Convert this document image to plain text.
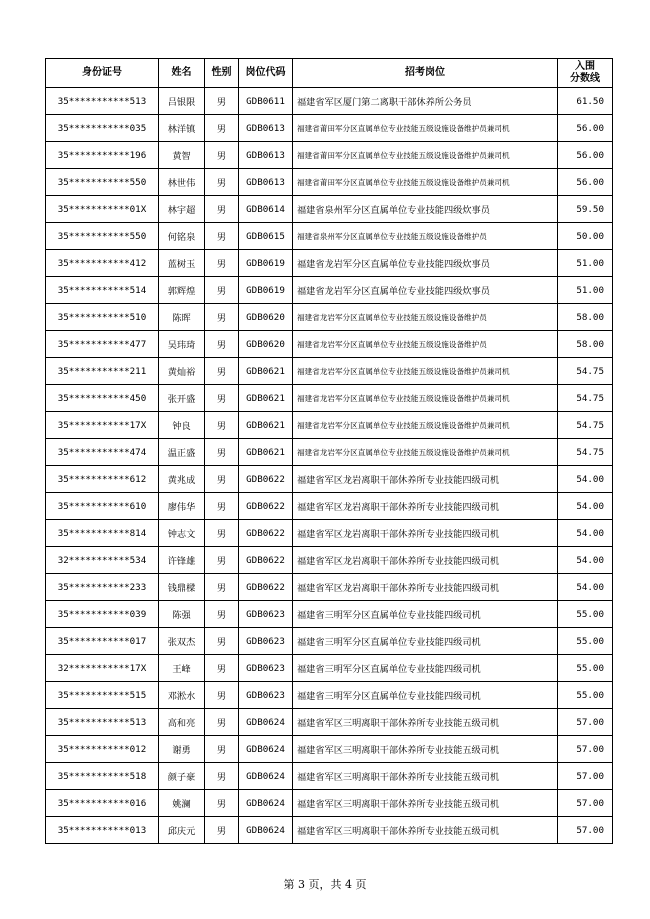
身份证号	姓名	性别	岗位代码	招考岗位	入围
分数线
35***********513	吕银限	男	GDB0611	福建省军区厦门第二离职干部休养所公务员	61.50
35***********035	林洋镇	男	GDB0613	福建省莆田军分区直属单位专业技能五级设施设备维护员兼司机	56.00
35***********196	黄智	男	GDB0613	福建省莆田军分区直属单位专业技能五级设施设备维护员兼司机	56.00
35***********550	林世伟	男	GDB0613	福建省莆田军分区直属单位专业技能五级设施设备维护员兼司机	56.00
35***********01X	林宇超	男	GDB0614	福建省泉州军分区直属单位专业技能四级炊事员	59.50
35***********550	何铭泉	男	GDB0615	福建省泉州军分区直属单位专业技能五级设施设备维护员	50.00
35***********412	蓝树玉	男	GDB0619	福建省龙岩军分区直属单位专业技能四级炊事员	51.00
35***********514	郭辉煌	男	GDB0619	福建省龙岩军分区直属单位专业技能四级炊事员	51.00
35***********510	陈晖	男	GDB0620	福建省龙岩军分区直属单位专业技能五级设施设备维护员	58.00
35***********477	吴玮琦	男	GDB0620	福建省龙岩军分区直属单位专业技能五级设施设备维护员	58.00
35***********211	黄灿裕	男	GDB0621	福建省龙岩军分区直属单位专业技能五级设施设备维护员兼司机	54.75
35***********450	张开盛	男	GDB0621	福建省龙岩军分区直属单位专业技能五级设施设备维护员兼司机	54.75
35***********17X	钟良	男	GDB0621	福建省龙岩军分区直属单位专业技能五级设施设备维护员兼司机	54.75
35***********474	温正盛	男	GDB0621	福建省龙岩军分区直属单位专业技能五级设施设备维护员兼司机	54.75
35***********612	黄兆成	男	GDB0622	福建省军区龙岩离职干部休养所专业技能四级司机	54.00
35***********610	廖伟华	男	GDB0622	福建省军区龙岩离职干部休养所专业技能四级司机	54.00
35***********814	钟志文	男	GDB0622	福建省军区龙岩离职干部休养所专业技能四级司机	54.00
32***********534	许锋雄	男	GDB0622	福建省军区龙岩离职干部休养所专业技能四级司机	54.00
35***********233	钱鼎樑	男	GDB0622	福建省军区龙岩离职干部休养所专业技能四级司机	54.00
35***********039	陈强	男	GDB0623	福建省三明军分区直属单位专业技能四级司机	55.00
35***********017	张双杰	男	GDB0623	福建省三明军分区直属单位专业技能四级司机	55.00
32***********17X	王峰	男	GDB0623	福建省三明军分区直属单位专业技能四级司机	55.00
35***********515	邓淞水	男	GDB0623	福建省三明军分区直属单位专业技能四级司机	55.00
35***********513	高和亮	男	GDB0624	福建省军区三明离职干部休养所专业技能五级司机	57.00
35***********012	谢勇	男	GDB0624	福建省军区三明离职干部休养所专业技能五级司机	57.00
35***********518	颜子豪	男	GDB0624	福建省军区三明离职干部休养所专业技能五级司机	57.00
35***********016	姚澜	男	GDB0624	福建省军区三明离职干部休养所专业技能五级司机	57.00
35***********013	邱庆元	男	GDB0624	福建省军区三明离职干部休养所专业技能五级司机	57.00
第 3 页，共 4 页
